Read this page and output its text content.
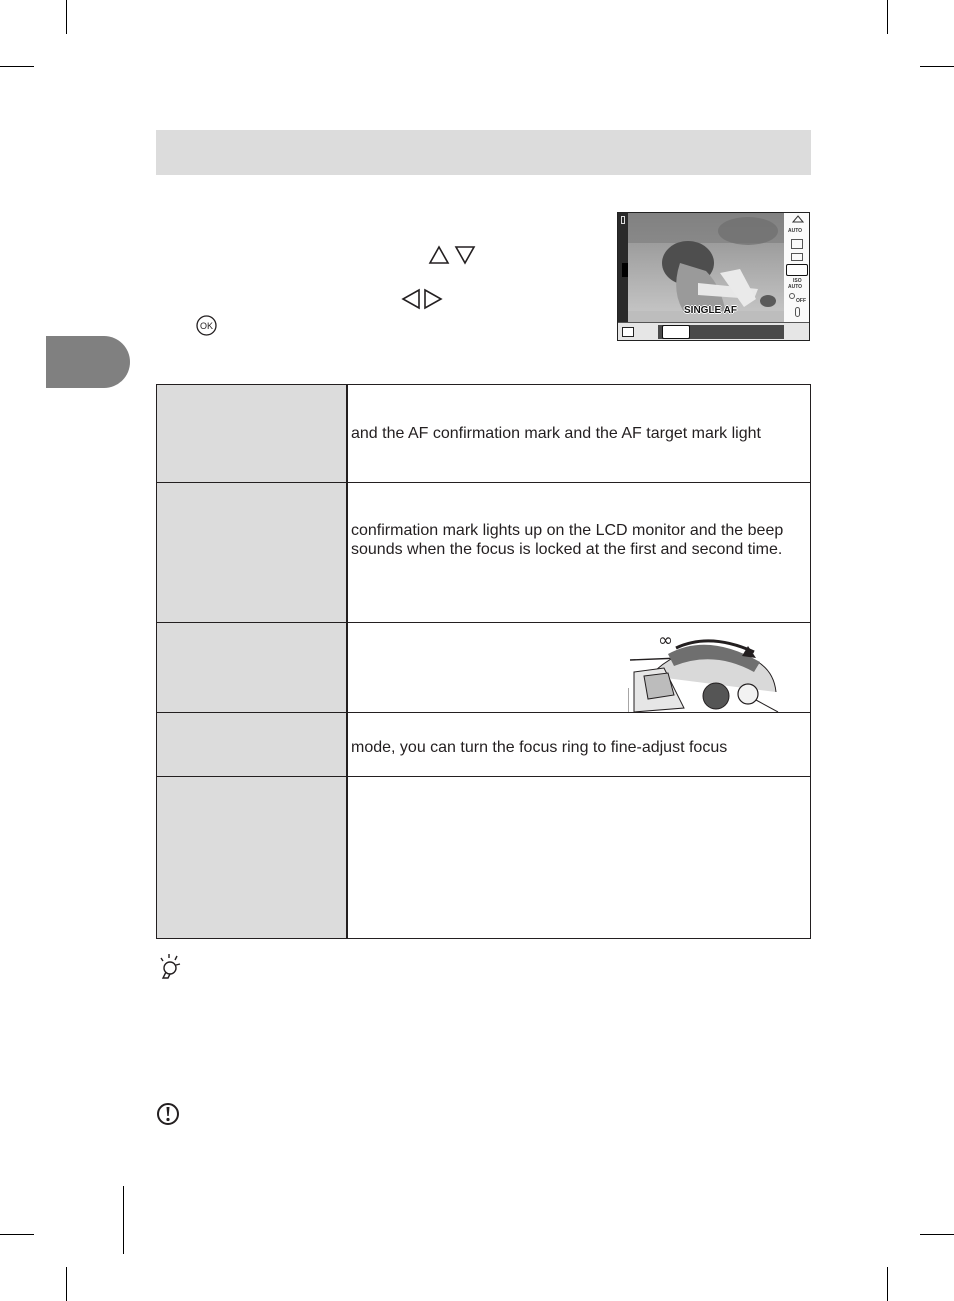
OK
AUTO
ISO
AUTO
OFF
SINGLE AF

	and the AF confirmation mark and the AF target mark light

	confirmation mark lights up on the LCD monitor and the beep
sounds when the focus is locked at the first and second time.

	mode, you can turn the focus ring to fine-adjust focus

∞
